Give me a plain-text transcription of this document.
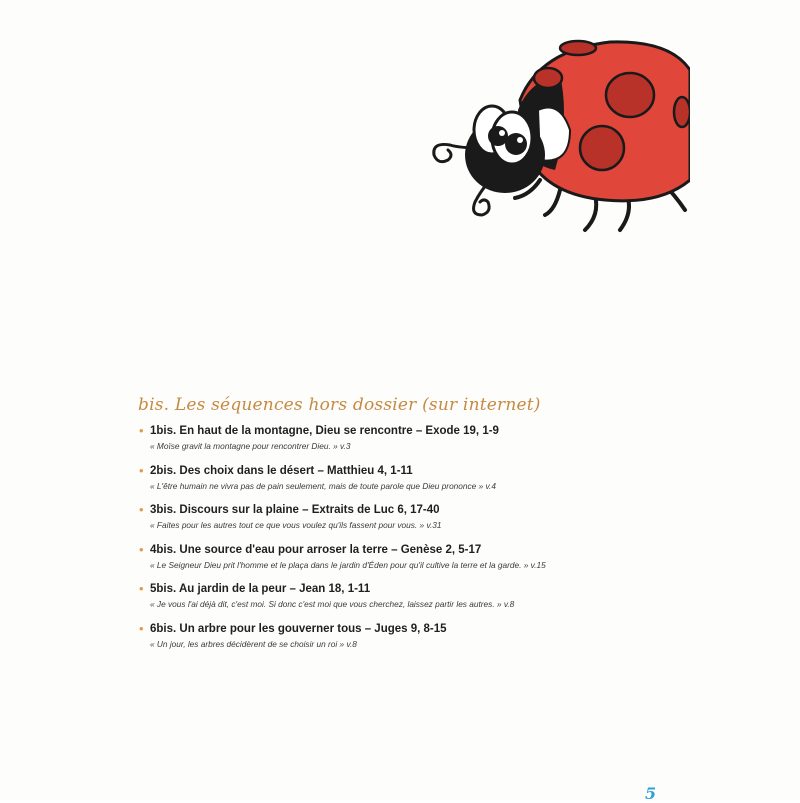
bis. Les séquences hors dossier (sur internet)
• 1bis. En haut de la montagne, Dieu se rencontre – Exode 19, 1-9
« Moïse gravit la montagne pour rencontrer Dieu. » v.3
• 2bis. Des choix dans le désert – Matthieu 4, 1-11
« L'être humain ne vivra pas de pain seulement, mais de toute parole que Dieu prononce » v.4
• 3bis. Discours sur la plaine – Extraits de Luc 6, 17-40
« Faites pour les autres tout ce que vous voulez qu'ils fassent pour vous. » v.31
• 4bis. Une source d'eau pour arroser la terre – Genèse 2, 5-17
« Le Seigneur Dieu prit l'homme et le plaça dans le jardin d'Éden pour qu'il cultive la terre et la garde. » v.15
• 5bis. Au jardin de la peur – Jean 18, 1-11
« Je vous l'ai déjà dit, c'est moi. Si donc c'est moi que vous cherchez, laissez partir les autres. » v.8
• 6bis. Un arbre pour les gouverner tous – Juges 9, 8-15
« Un jour, les arbres décidèrent de se choisir un roi » v.8
5
